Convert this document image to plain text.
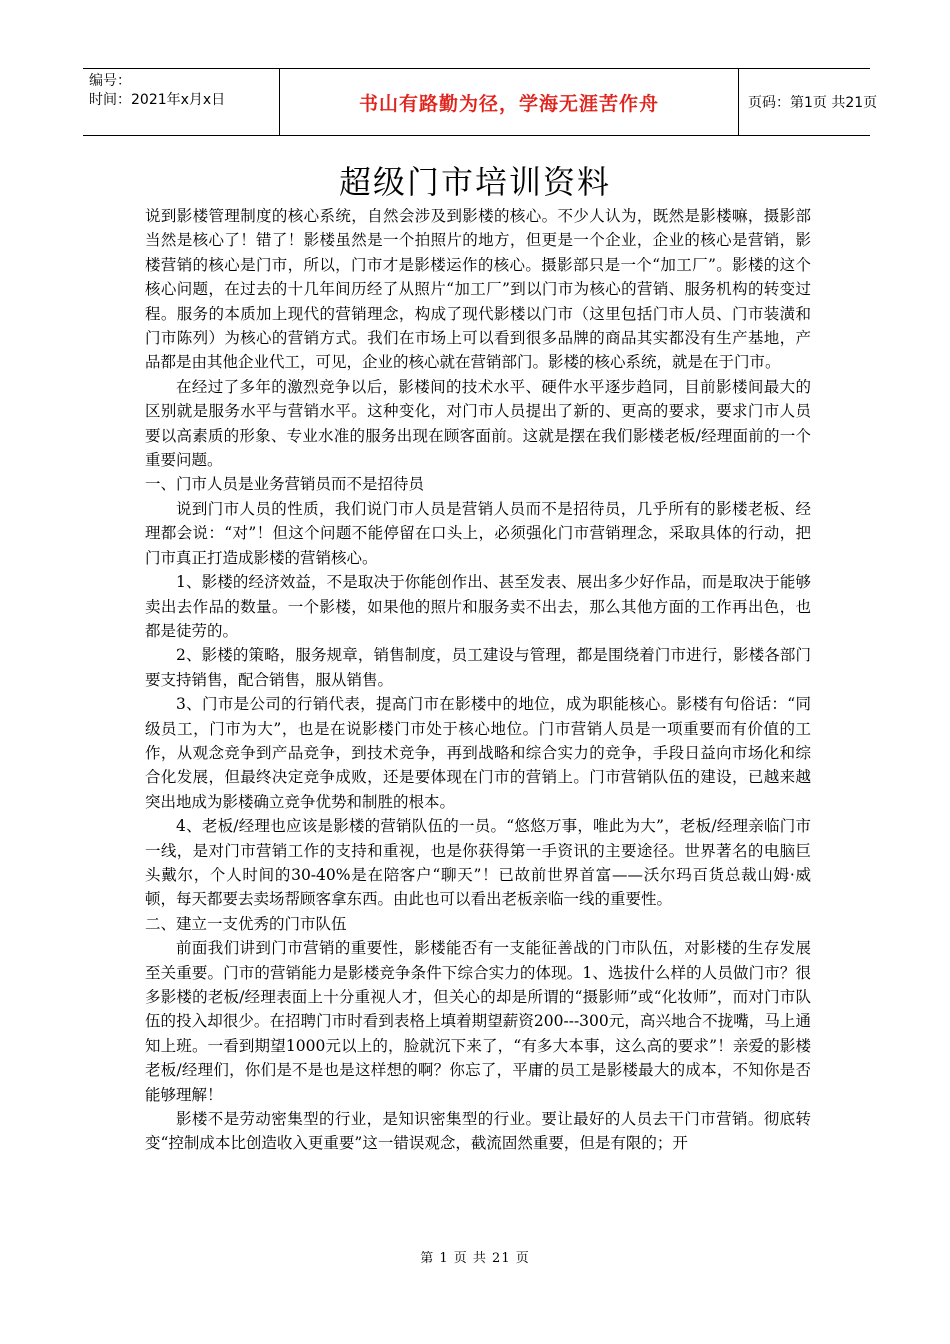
编号：
时间：2021年x月x日	书山有路勤为径，学海无涯苦作舟	页码：第1页 共21页
超级门市培训资料

说到影楼管理制度的核心系统，自然会涉及到影楼的核心。不少人认为，既然是影楼嘛，摄影部当然是核心了！错了！影楼虽然是一个拍照片的地方，但更是一个企业，企业的核心是营销，影楼营销的核心是门市，所以，门市才是影楼运作的核心。摄影部只是一个“加工厂”。影楼的这个核心问题，在过去的十几年间历经了从照片“加工厂”到以门市为核心的营销、服务机构的转变过程。服务的本质加上现代的营销理念，构成了现代影楼以门市（这里包括门市人员、门市装潢和门市陈列）为核心的营销方式。我们在市场上可以看到很多品牌的商品其实都没有生产基地，产品都是由其他企业代工，可见，企业的核心就在营销部门。影楼的核心系统，就是在于门市。

在经过了多年的激烈竞争以后，影楼间的技术水平、硬件水平逐步趋同，目前影楼间最大的区别就是服务水平与营销水平。这种变化，对门市人员提出了新的、更高的要求，要求门市人员要以高素质的形象、专业水准的服务出现在顾客面前。这就是摆在我们影楼老板/经理面前的一个重要问题。

一、门市人员是业务营销员而不是招待员

说到门市人员的性质，我们说门市人员是营销人员而不是招待员，几乎所有的影楼老板、经理都会说：“对”！但这个问题不能停留在口头上，必须强化门市营销理念，采取具体的行动，把门市真正打造成影楼的营销核心。

1、影楼的经济效益，不是取决于你能创作出、甚至发表、展出多少好作品，而是取决于能够卖出去作品的数量。一个影楼，如果他的照片和服务卖不出去，那么其他方面的工作再出色，也都是徒劳的。

2、影楼的策略，服务规章，销售制度，员工建设与管理，都是围绕着门市进行，影楼各部门要支持销售，配合销售，服从销售。

3、门市是公司的行销代表，提高门市在影楼中的地位，成为职能核心。影楼有句俗话：“同级员工，门市为大”，也是在说影楼门市处于核心地位。门市营销人员是一项重要而有价值的工作，从观念竞争到产品竞争，到技术竞争，再到战略和综合实力的竞争，手段日益向市场化和综合化发展，但最终决定竞争成败，还是要体现在门市的营销上。门市营销队伍的建设，已越来越突出地成为影楼确立竞争优势和制胜的根本。

4、老板/经理也应该是影楼的营销队伍的一员。“悠悠万事，唯此为大”，老板/经理亲临门市一线，是对门市营销工作的支持和重视，也是你获得第一手资讯的主要途径。世界著名的电脑巨头戴尔，个人时间的30-40%是在陪客户“聊天”！已故前世界首富——沃尔玛百货总裁山姆·威顿，每天都要去卖场帮顾客拿东西。由此也可以看出老板亲临一线的重要性。

二、建立一支优秀的门市队伍

前面我们讲到门市营销的重要性，影楼能否有一支能征善战的门市队伍，对影楼的生存发展至关重要。门市的营销能力是影楼竞争条件下综合实力的体现。1、选拔什么样的人员做门市？很多影楼的老板/经理表面上十分重视人才，但关心的却是所谓的“摄影师”或“化妆师”，而对门市队伍的投入却很少。在招聘门市时看到表格上填着期望薪资200---300元，高兴地合不拢嘴，马上通知上班。一看到期望1000元以上的，脸就沉下来了，“有多大本事，这么高的要求”！亲爱的影楼老板/经理们，你们是不是也是这样想的啊？你忘了，平庸的员工是影楼最大的成本，不知你是否能够理解！

影楼不是劳动密集型的行业，是知识密集型的行业。要让最好的人员去干门市营销。彻底转变“控制成本比创造收入更重要”这一错误观念，截流固然重要，但是有限的；开

第 1 页 共 21 页
